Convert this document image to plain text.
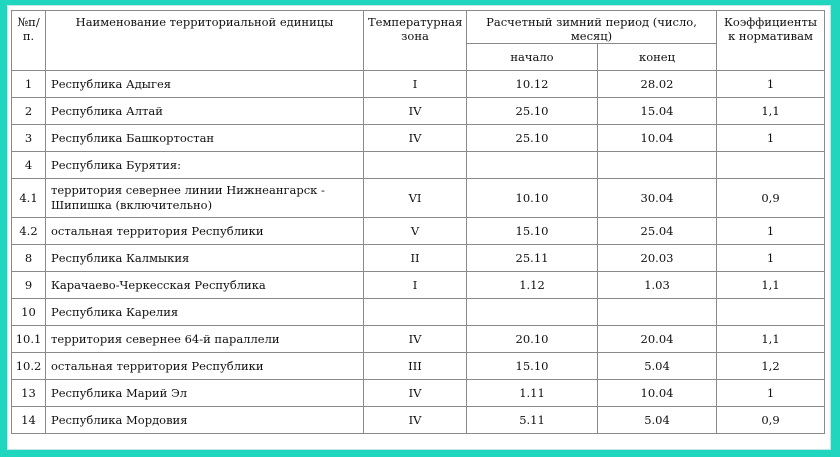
№п/п.	Наименование территориальной единицы	Температурная зона	Расчетный зимний период (число, месяц)		Коэффициенты к нормативам
			начало	конец	
1	Республика Адыгея	I	10.12	28.02	1
2	Республика Алтай	IV	25.10	15.04	1,1
3	Республика Башкортостан	IV	25.10	10.04	1
4	Республика Бурятия:				
4.1	территория севернее линии Нижнеангарск - Шипишка (включительно)	VI	10.10	30.04	0,9
4.2	остальная территория Республики	V	15.10	25.04	1
8	Республика Калмыкия	II	25.11	20.03	1
9	Карачаево-Черкесская Республика	I	1.12	1.03	1,1
10	Республика Карелия				
10.1	территория севернее 64-й параллели	IV	20.10	20.04	1,1
10.2	остальная территория Республики	III	15.10	5.04	1,2
13	Республика Марий Эл	IV	1.11	10.04	1
14	Республика Мордовия	IV	5.11	5.04	0,9
